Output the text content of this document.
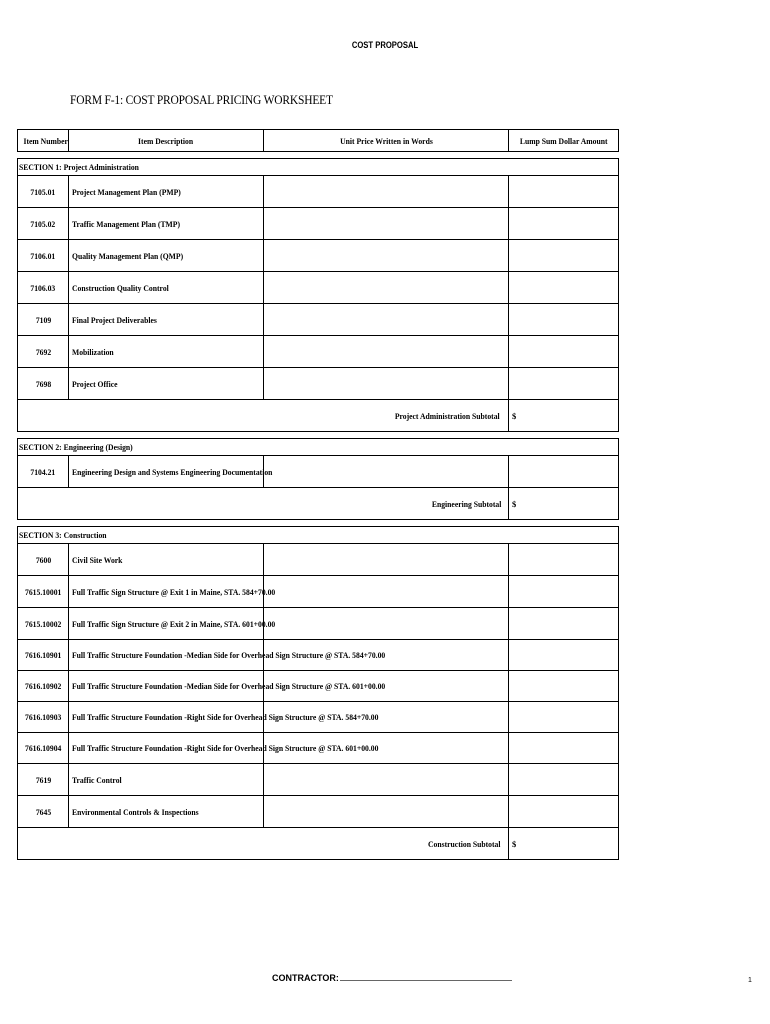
COST PROPOSAL
FORM F-1: COST PROPOSAL PRICING WORKSHEET
Item Number	Item Description	Unit Price Written in Words	Lump Sum Dollar Amount

SECTION 1: Project Administration			
7105.01	Project Management Plan (PMP)		
7105.02	Traffic Management Plan (TMP)		
7106.01	Quality Management Plan (QMP)		
7106.03	Construction Quality Control		
7109	Final Project Deliverables		
7692	Mobilization		
7698	Project Office		
Project Administration Subtotal			$

SECTION 2: Engineering (Design)			
7104.21	Engineering Design and Systems Engineering Documentation		
Engineering Subtotal			$

SECTION 3: Construction			
7600	Civil Site Work		
7615.10001	Full Traffic Sign Structure @ Exit 1 in Maine, STA. 584+70.00		
7615.10002	Full Traffic Sign Structure @ Exit 2 in Maine, STA. 601+00.00		
7616.10901	Full Traffic Structure Foundation -Median Side for Overhead Sign Structure @ STA. 584+70.00		

7616.10902	Full Traffic Structure Foundation -Median Side for Overhead Sign Structure @ STA. 601+00.00		

7616.10903	Full Traffic Structure Foundation -Right Side for Overhead Sign Structure @ STA. 584+70.00		

7616.10904	Full Traffic Structure Foundation -Right Side for Overhead Sign Structure @ STA. 601+00.00		

7619	Traffic Control		
7645	Environmental Controls & Inspections		
Construction Subtotal			$
CONTRACTOR:	1
